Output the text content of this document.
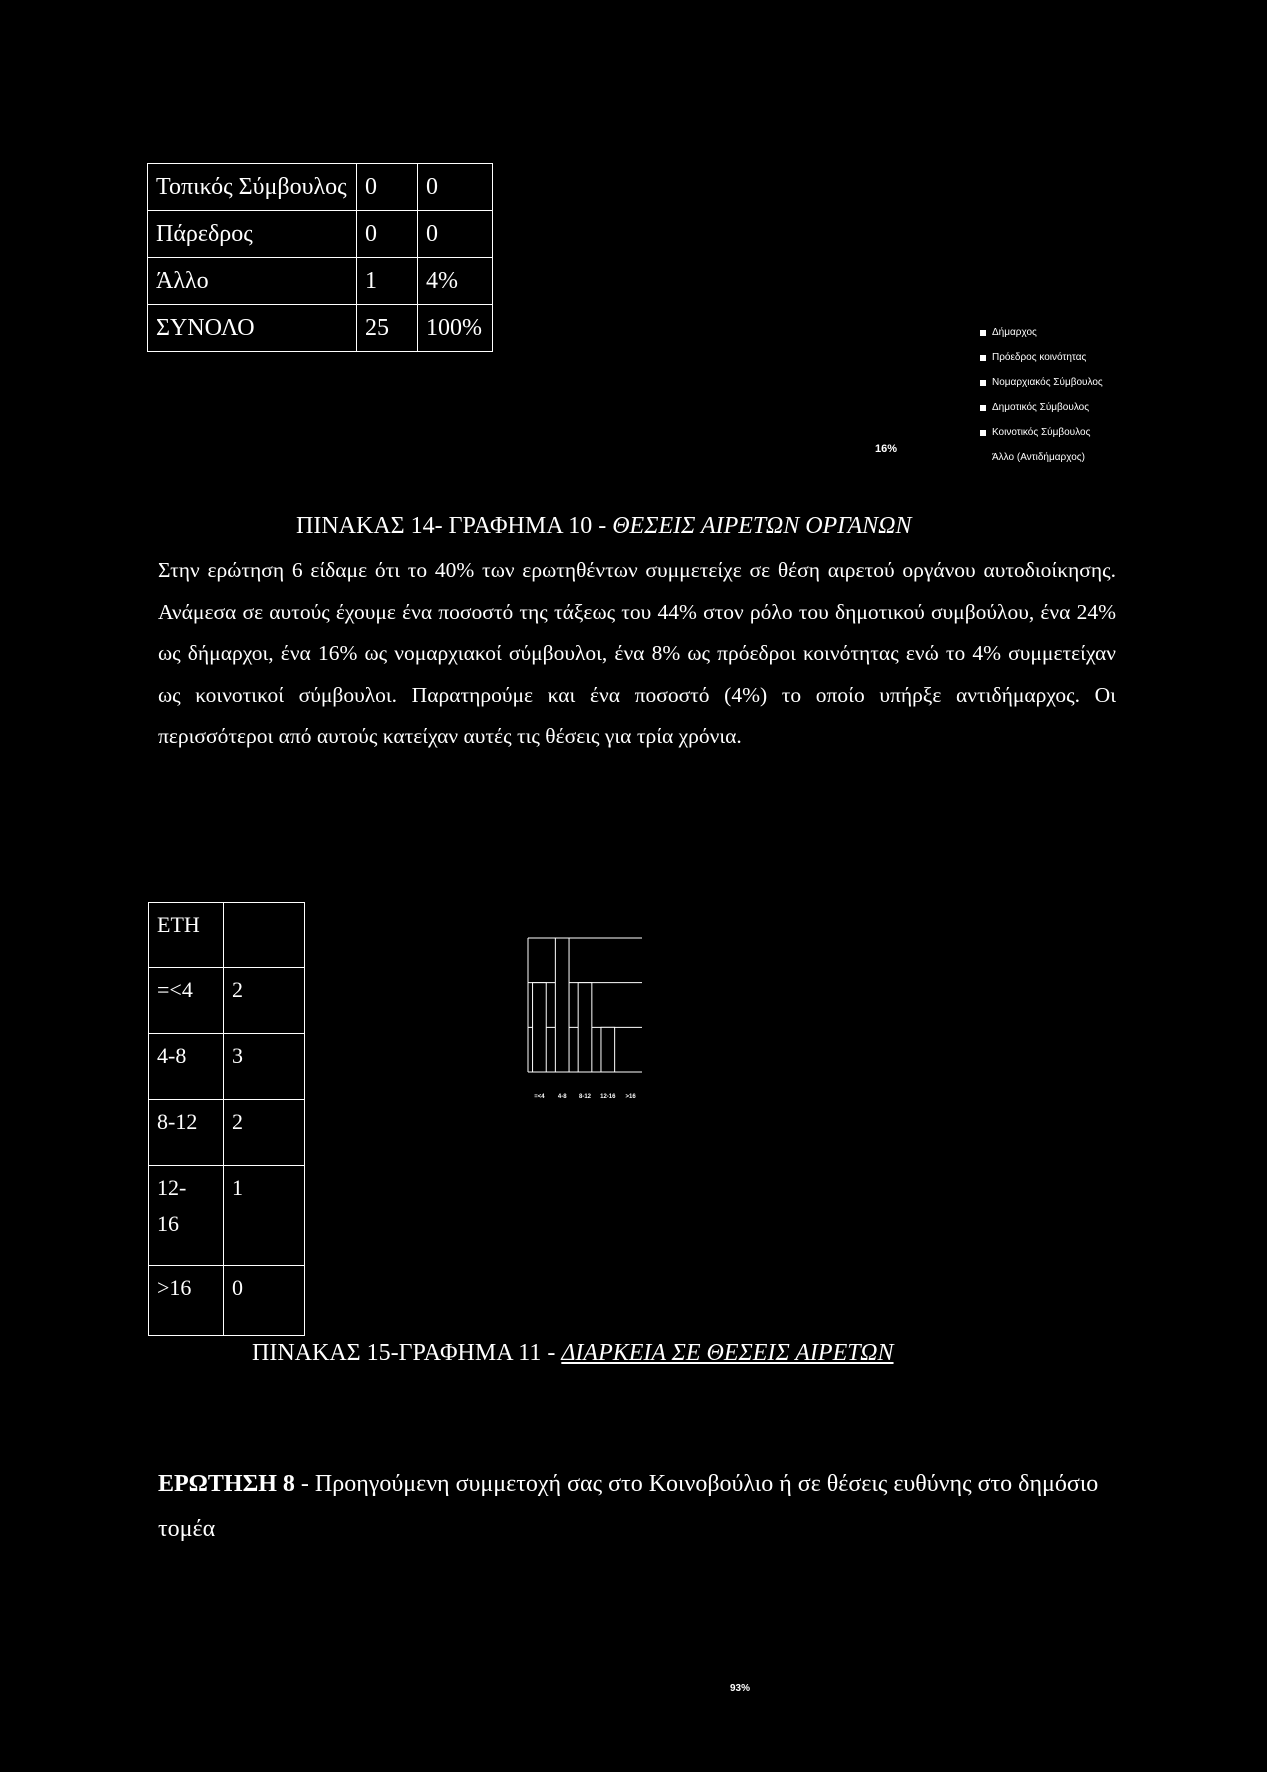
Τοπικός Σύμβουλος	0	0
Πάρεδρος	0	0
Άλλο	1	4%
ΣΥΝΟΛΟ	25	100%
16%
Δήμαρχος
Πρόεδρος κοινότητας
Νομαρχιακός Σύμβουλος
Δημοτικός Σύμβουλος
Κοινοτικός Σύμβουλος
Άλλο (Αντιδήμαρχος)
ΠΙΝΑΚΑΣ 14- ΓΡΑΦΗΜΑ 10 - ΘΕΣΕΙΣ ΑΙΡΕΤΩΝ ΟΡΓΑΝΩΝ
Στην ερώτηση 6 είδαμε ότι το 40% των ερωτηθέντων συμμετείχε σε θέση αιρετού οργάνου αυτοδιοίκησης. Ανάμεσα σε αυτούς έχουμε ένα ποσοστό της τάξεως του 44% στον ρόλο του δημοτικού συμβούλου, ένα 24% ως δήμαρχοι, ένα 16% ως νομαρχιακοί σύμβουλοι, ένα 8% ως πρόεδροι κοινότητας ενώ το 4% συμμετείχαν ως κοινοτικοί σύμβουλοι. Παρατηρούμε και ένα ποσοστό (4%) το οποίο υπήρξε αντιδήμαρχος. Οι περισσότεροι από αυτούς κατείχαν αυτές τις θέσεις για τρία χρόνια.
ΕΤΗ	
=<4	2
4-8	3
8-12	2
12- 16	1
>16	0
=<4 4-8 8-12 12-16 >16
ΠΙΝΑΚΑΣ 15-ΓΡΑΦΗΜΑ 11 - ΔΙΑΡΚΕΙΑ ΣΕ ΘΕΣΕΙΣ ΑΙΡΕΤΩΝ
ΕΡΩΤΗΣΗ 8 - Προηγούμενη συμμετοχή σας στο Κοινοβούλιο ή σε θέσεις ευθύνης στο δημόσιο τομέα
93%
